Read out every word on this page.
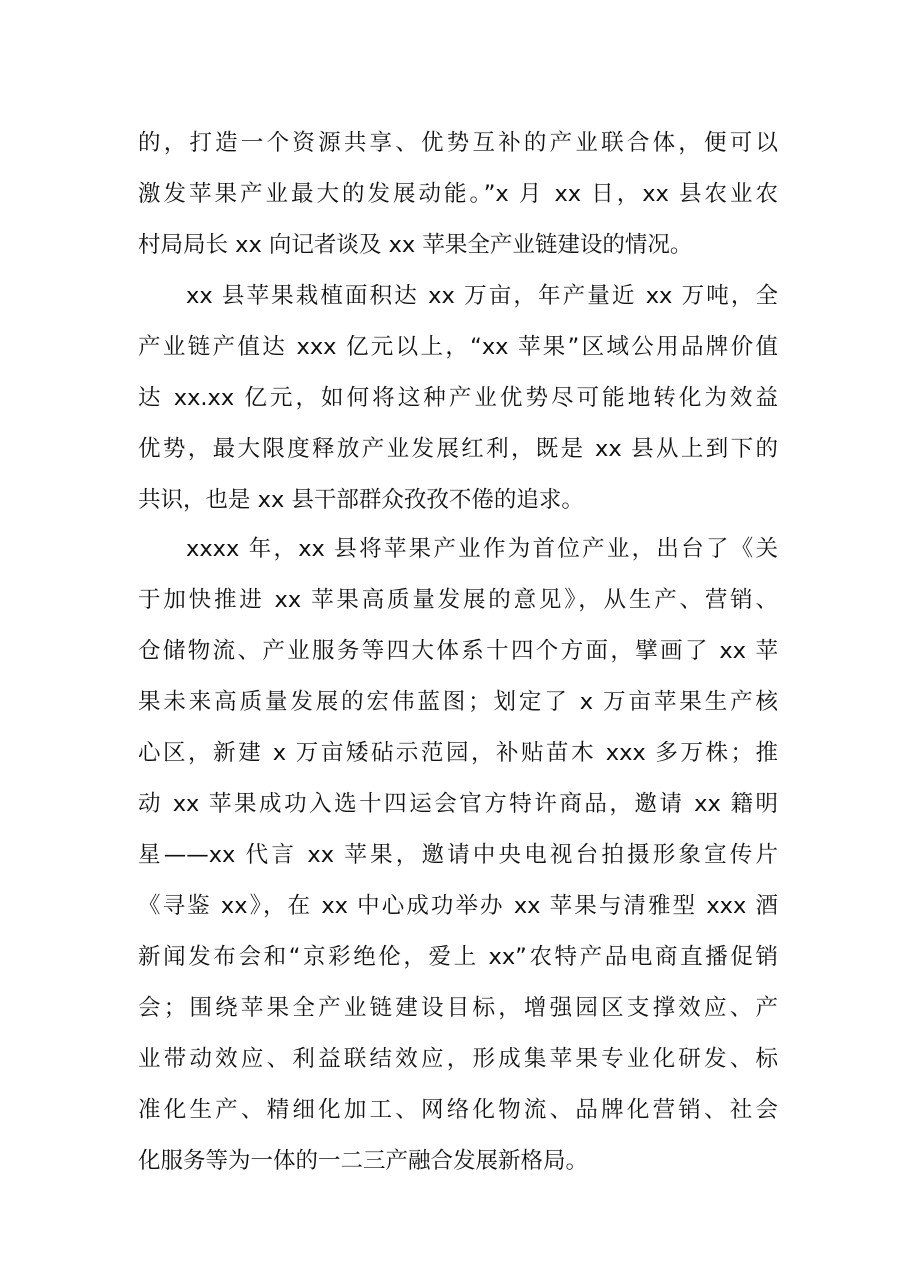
的，打造一个资源共享、优势互补的产业联合体，便可以
激发苹果产业最大的发展动能。”x 月 xx 日，xx 县农业农
村局局长 xx 向记者谈及 xx 苹果全产业链建设的情况。
xx 县苹果栽植面积达 xx 万亩，年产量近 xx 万吨，全
产业链产值达 xxx 亿元以上，“xx 苹果”区域公用品牌价值
达 xx.xx 亿元，如何将这种产业优势尽可能地转化为效益
优势，最大限度释放产业发展红利，既是 xx 县从上到下的
共识，也是 xx 县干部群众孜孜不倦的追求。
xxxx 年，xx 县将苹果产业作为首位产业，出台了《关
于加快推进 xx 苹果高质量发展的意见》，从生产、营销、
仓储物流、产业服务等四大体系十四个方面，擘画了 xx 苹
果未来高质量发展的宏伟蓝图；划定了 x 万亩苹果生产核
心区，新建 x 万亩矮砧示范园，补贴苗木 xxx 多万株；推
动 xx 苹果成功入选十四运会官方特许商品，邀请 xx 籍明
星——xx 代言 xx 苹果，邀请中央电视台拍摄形象宣传片
《寻鉴 xx》，在 xx 中心成功举办 xx 苹果与清雅型 xxx 酒
新闻发布会和“京彩绝伦，爱上 xx”农特产品电商直播促销
会；围绕苹果全产业链建设目标，增强园区支撑效应、产
业带动效应、利益联结效应，形成集苹果专业化研发、标
准化生产、精细化加工、网络化物流、品牌化营销、社会
化服务等为一体的一二三产融合发展新格局。
